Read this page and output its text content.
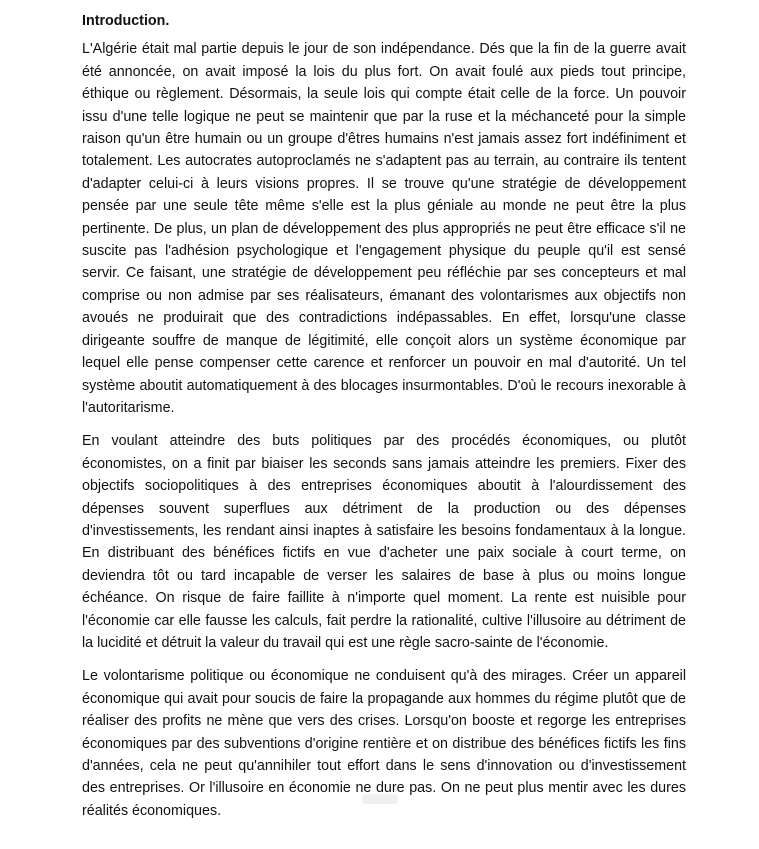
Introduction.

L'Algérie était mal partie depuis le jour de son indépendance. Dés que la fin de la guerre avait été annoncée, on avait imposé la lois du plus fort. On avait foulé aux pieds tout principe, éthique ou règlement. Désormais, la seule lois qui compte était celle de la force. Un pouvoir issu d'une telle logique ne peut se maintenir que par la ruse et la méchanceté pour la simple raison qu'un être humain ou un groupe d'êtres humains n'est jamais assez fort indéfiniment et totalement. Les autocrates autoproclamés ne s'adaptent pas au terrain, au contraire ils tentent d'adapter celui-ci à leurs visions propres. Il se trouve qu'une stratégie de développement pensée par une seule tête même s'elle est la plus géniale au monde ne peut être la plus pertinente. De plus, un plan de développement des plus appropriés ne peut être efficace s'il ne suscite pas l'adhésion psychologique et l'engagement physique du peuple qu'il est sensé servir. Ce faisant, une stratégie de développement peu réfléchie par ses concepteurs et mal comprise ou non admise par ses réalisateurs, émanant des volontarismes aux objectifs non avoués ne produirait que des contradictions indépassables. En effet, lorsqu'une classe dirigeante souffre de manque de légitimité, elle conçoit alors un système économique par lequel elle pense compenser cette carence et renforcer un pouvoir en mal d'autorité. Un tel système aboutit automatiquement à des blocages insurmontables. D'où le recours inexorable à l'autoritarisme.

En voulant atteindre des buts politiques par des procédés économiques, ou plutôt économistes, on a finit par biaiser les seconds sans jamais atteindre les premiers. Fixer des objectifs sociopolitiques à des entreprises économiques aboutit à l'alourdissement des dépenses souvent superflues aux détriment de la production ou des dépenses d'investissements, les rendant ainsi inaptes à satisfaire les besoins fondamentaux à la longue. En distribuant des bénéfices fictifs en vue d'acheter une paix sociale à court terme, on deviendra tôt ou tard incapable de verser les salaires de base à plus ou moins longue échéance. On risque de faire faillite à n'importe quel moment. La rente est nuisible pour l'économie car elle fausse les calculs, fait perdre la rationalité, cultive l'illusoire au détriment de la lucidité et détruit la valeur du travail qui est une règle sacro-sainte de l'économie.

Le volontarisme politique ou économique ne conduisent qu'à des mirages. Créer un appareil économique qui avait pour soucis de faire la propagande aux hommes du régime plutôt que de réaliser des profits ne mène que vers des crises. Lorsqu'on booste et regorge les entreprises économiques par des subventions d'origine rentière et on distribue des bénéfices fictifs les fins d'années, cela ne peut qu'annihiler tout effort dans le sens d'innovation ou d'investissement des entreprises. Or l'illusoire en économie ne dure pas. On ne peut plus mentir avec les dures réalités économiques.
